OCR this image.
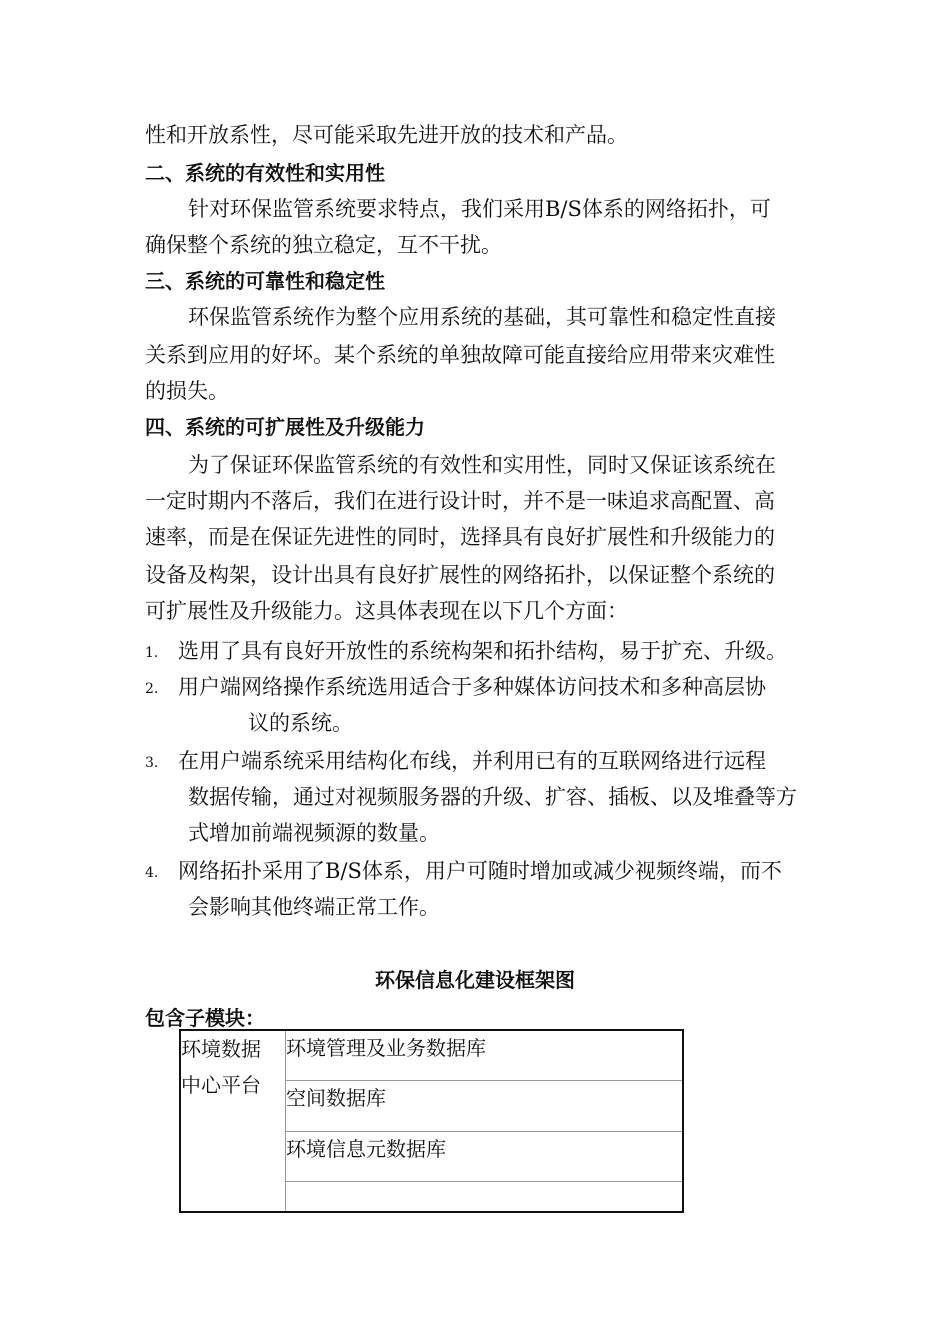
性和开放系性，尽可能采取先进开放的技术和产品。
二、系统的有效性和实用性
针对环保监管系统要求特点，我们采用B/S体系的网络拓扑，可
确保整个系统的独立稳定，互不干扰。
三、系统的可靠性和稳定性
环保监管系统作为整个应用系统的基础，其可靠性和稳定性直接
关系到应用的好坏。某个系统的单独故障可能直接给应用带来灾难性
的损失。
四、系统的可扩展性及升级能力
为了保证环保监管系统的有效性和实用性，同时又保证该系统在
一定时期内不落后，我们在进行设计时，并不是一味追求高配置、高
速率，而是在保证先进性的同时，选择具有良好扩展性和升级能力的
设备及构架，设计出具有良好扩展性的网络拓扑，以保证整个系统的
可扩展性及升级能力。这具体表现在以下几个方面：
1. 选用了具有良好开放性的系统构架和拓扑结构，易于扩充、升级。
2. 用户端网络操作系统选用适合于多种媒体访问技术和多种高层协
议的系统。
3. 在用户端系统采用结构化布线，并利用已有的互联网络进行远程
数据传输，通过对视频服务器的升级、扩容、插板、以及堆叠等方
式增加前端视频源的数量。
4. 网络拓扑采用了B/S体系，用户可随时增加或减少视频终端，而不
会影响其他终端正常工作。
环保信息化建设框架图
包含子模块：
环境数据
中心平台
	环境管理及业务数据库
空间数据库
环境信息元数据库
